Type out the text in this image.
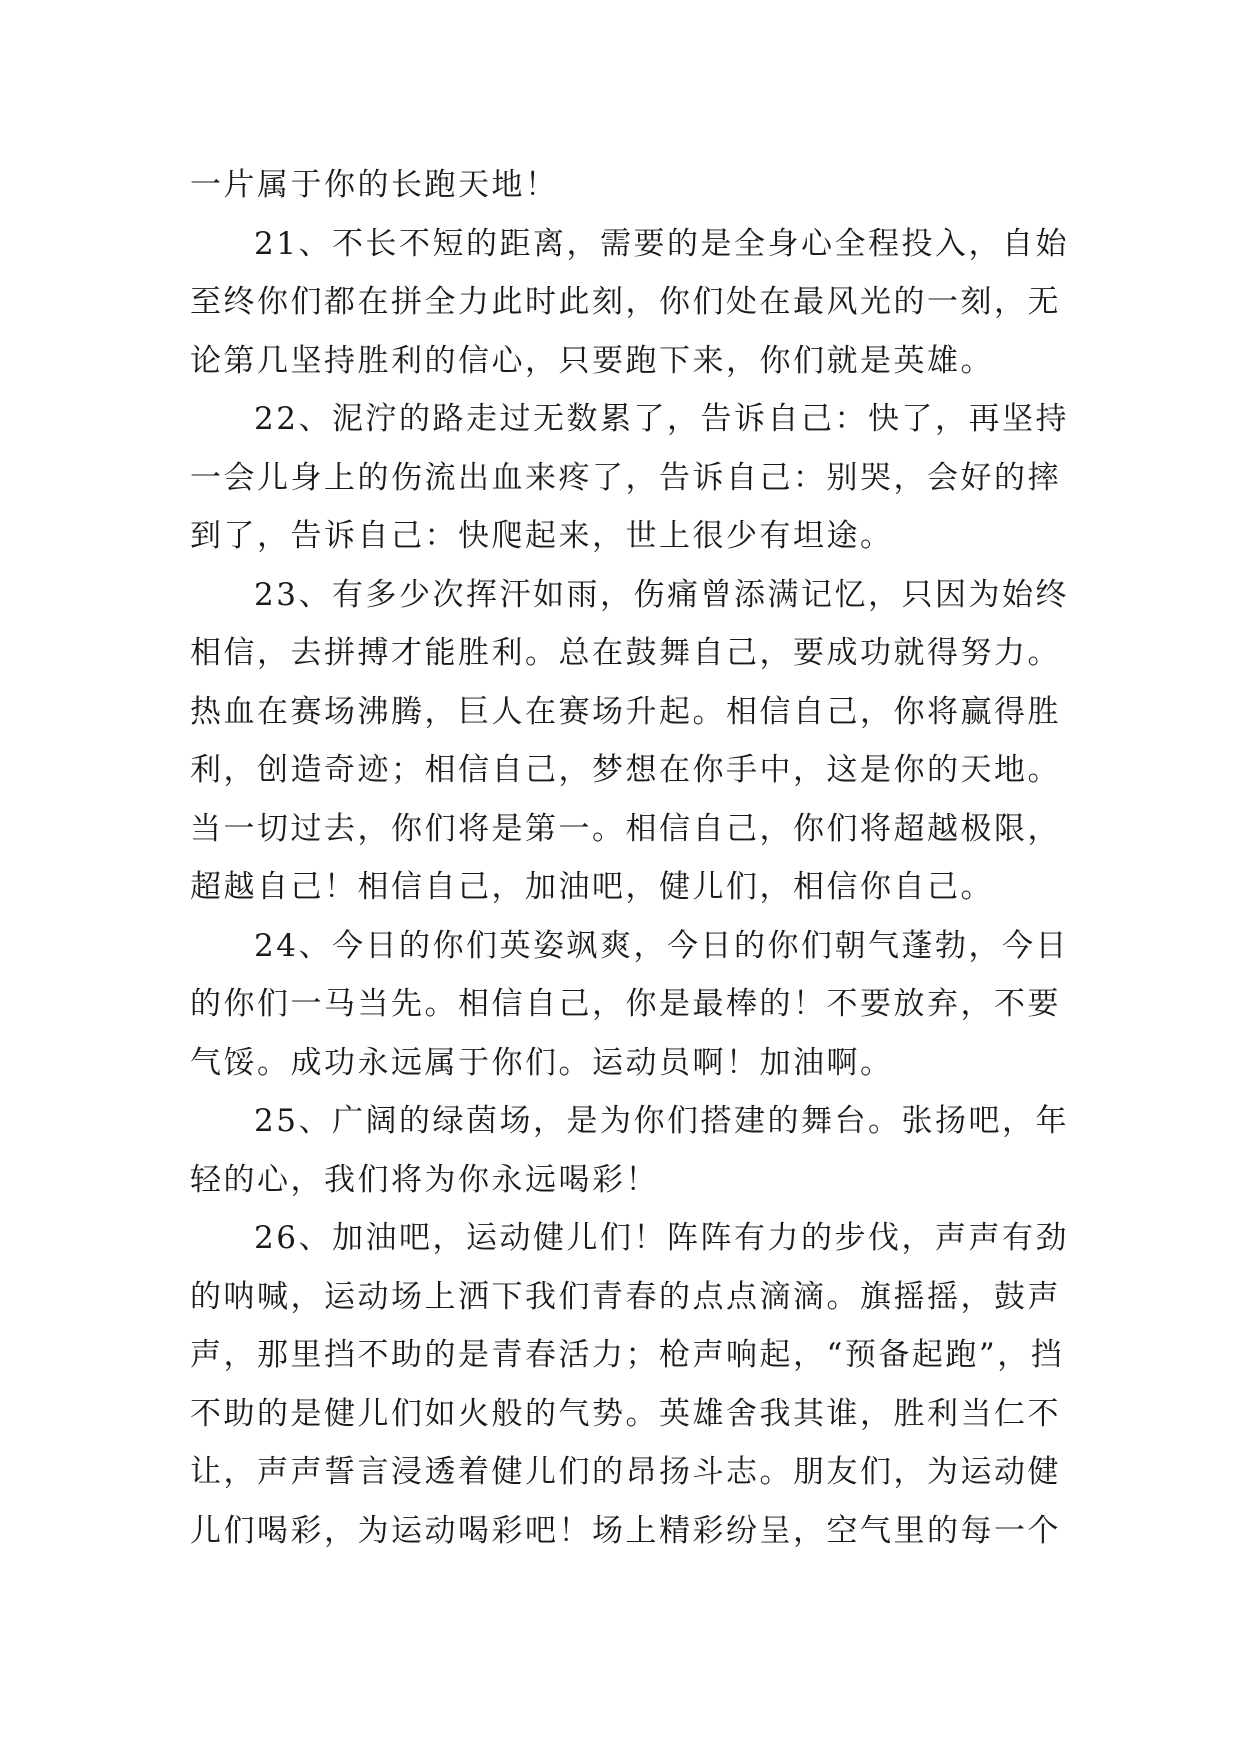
一片属于你的长跑天地！
21、不长不短的距离，需要的是全身心全程投入，自始
至终你们都在拼全力此时此刻，你们处在最风光的一刻，无
论第几坚持胜利的信心，只要跑下来，你们就是英雄。
22、泥泞的路走过无数累了，告诉自己：快了，再坚持
一会儿身上的伤流出血来疼了，告诉自己：别哭，会好的摔
到了，告诉自己：快爬起来，世上很少有坦途。
23、有多少次挥汗如雨，伤痛曾添满记忆，只因为始终
相信，去拼搏才能胜利。总在鼓舞自己，要成功就得努力。
热血在赛场沸腾，巨人在赛场升起。相信自己，你将赢得胜
利，创造奇迹；相信自己，梦想在你手中，这是你的天地。
当一切过去，你们将是第一。相信自己，你们将超越极限，
超越自己！相信自己，加油吧，健儿们，相信你自己。
24、今日的你们英姿飒爽，今日的你们朝气蓬勃，今日
的你们一马当先。相信自己，你是最棒的！不要放弃，不要
气馁。成功永远属于你们。运动员啊！加油啊。
25、广阔的绿茵场，是为你们搭建的舞台。张扬吧，年
轻的心，我们将为你永远喝彩！
26、加油吧，运动健儿们！阵阵有力的步伐，声声有劲
的呐喊，运动场上洒下我们青春的点点滴滴。旗摇摇，鼓声
声，那里挡不助的是青春活力；枪声响起，“预备起跑”，挡
不助的是健儿们如火般的气势。英雄舍我其谁，胜利当仁不
让，声声誓言浸透着健儿们的昂扬斗志。朋友们，为运动健
儿们喝彩，为运动喝彩吧！场上精彩纷呈，空气里的每一个
